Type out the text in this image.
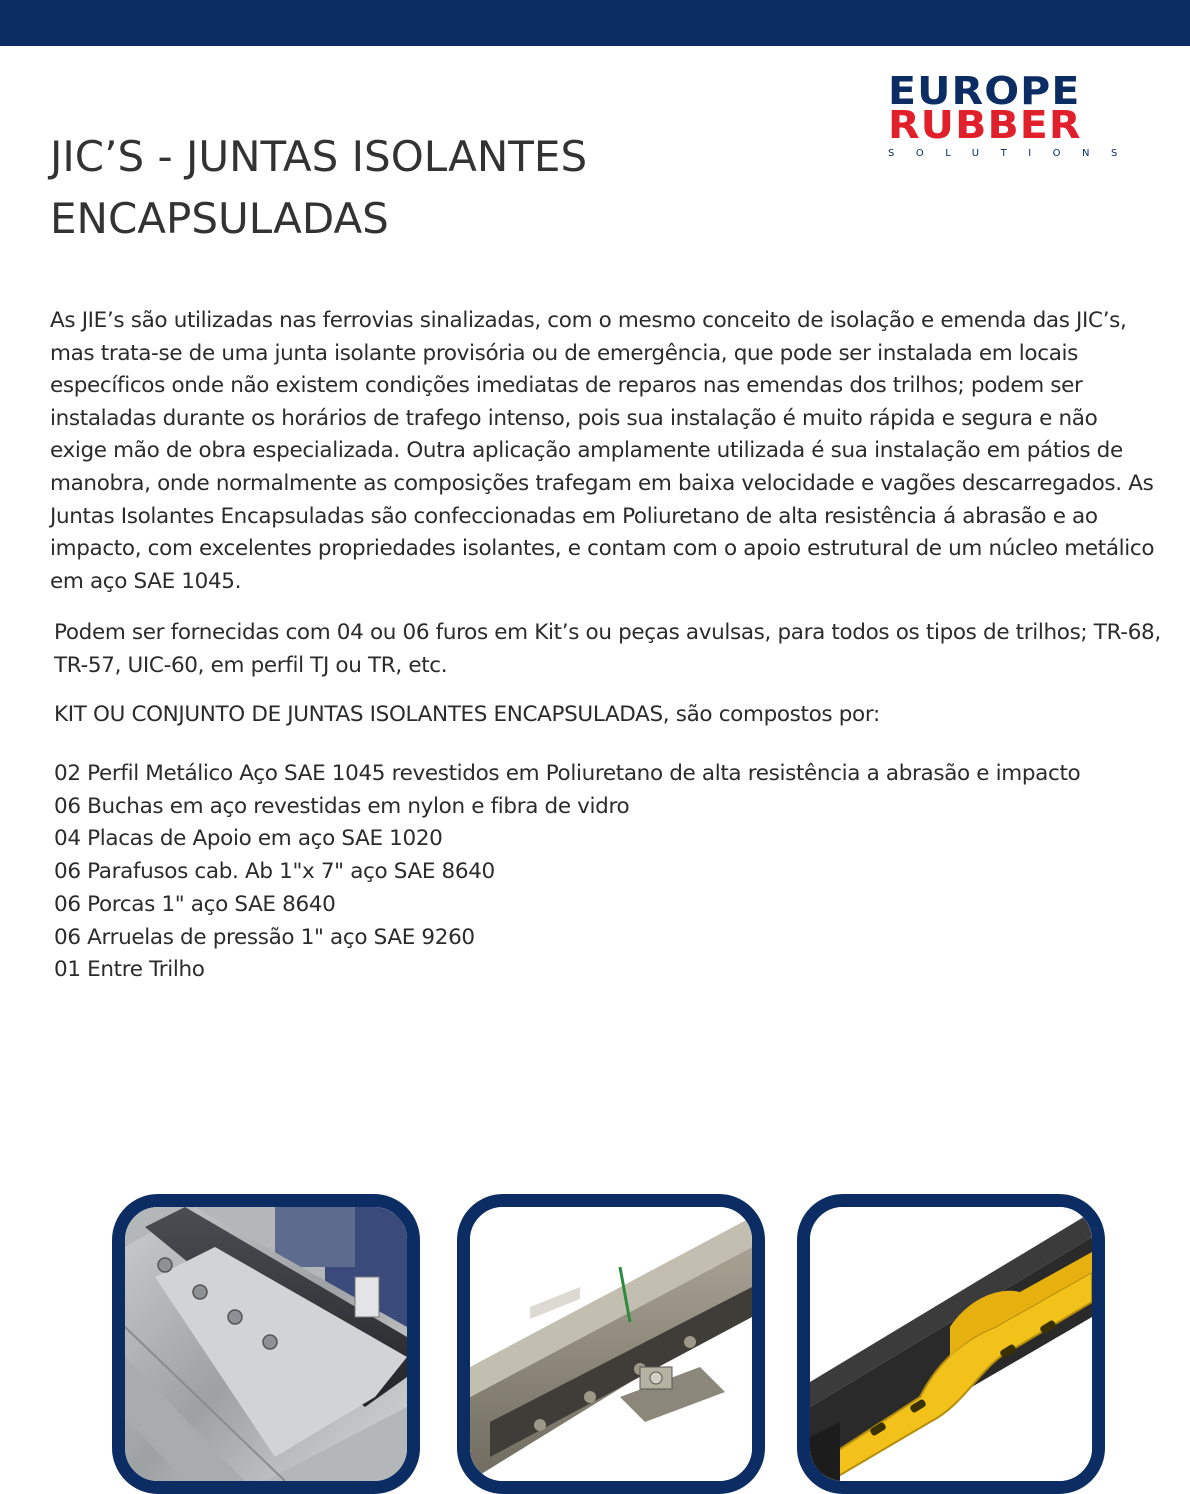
EUROPE
RUBBER
SOLUTIONS
JIC’S - JUNTAS ISOLANTES
ENCAPSULADAS

As JIE’s são utilizadas nas ferrovias sinalizadas, com o mesmo conceito de isolação e emenda das JIC’s, mas trata-se de uma junta isolante provisória ou de emergência, que pode ser instalada em locais específicos onde não existem condições imediatas de reparos nas emendas dos trilhos; podem ser instaladas durante os horários de trafego intenso, pois sua instalação é muito rápida e segura e não exige mão de obra especializada. Outra aplicação amplamente utilizada é sua instalação em pátios de manobra, onde normalmente as composições trafegam em baixa velocidade e vagões descarregados. As Juntas Isolantes Encapsuladas são confeccionadas em Poliuretano de alta resistência á abrasão e ao impacto, com excelentes propriedades isolantes, e contam com o apoio estrutural de um núcleo metálico em aço SAE 1045.

Podem ser fornecidas com 04 ou 06 furos em Kit’s ou peças avulsas, para todos os tipos de trilhos; TR-68, TR-57, UIC-60, em perfil TJ ou TR, etc.

KIT OU CONJUNTO DE JUNTAS ISOLANTES ENCAPSULADAS, são compostos por:

02 Perfil Metálico Aço SAE 1045 revestidos em Poliuretano de alta resistência a abrasão e impacto
06 Buchas em aço revestidas em nylon e fibra de vidro
04 Placas de Apoio em aço SAE 1020
06 Parafusos cab. Ab 1"x 7" aço SAE 8640
06 Porcas 1" aço SAE 8640
06 Arruelas de pressão 1" aço SAE 9260
01 Entre Trilho
